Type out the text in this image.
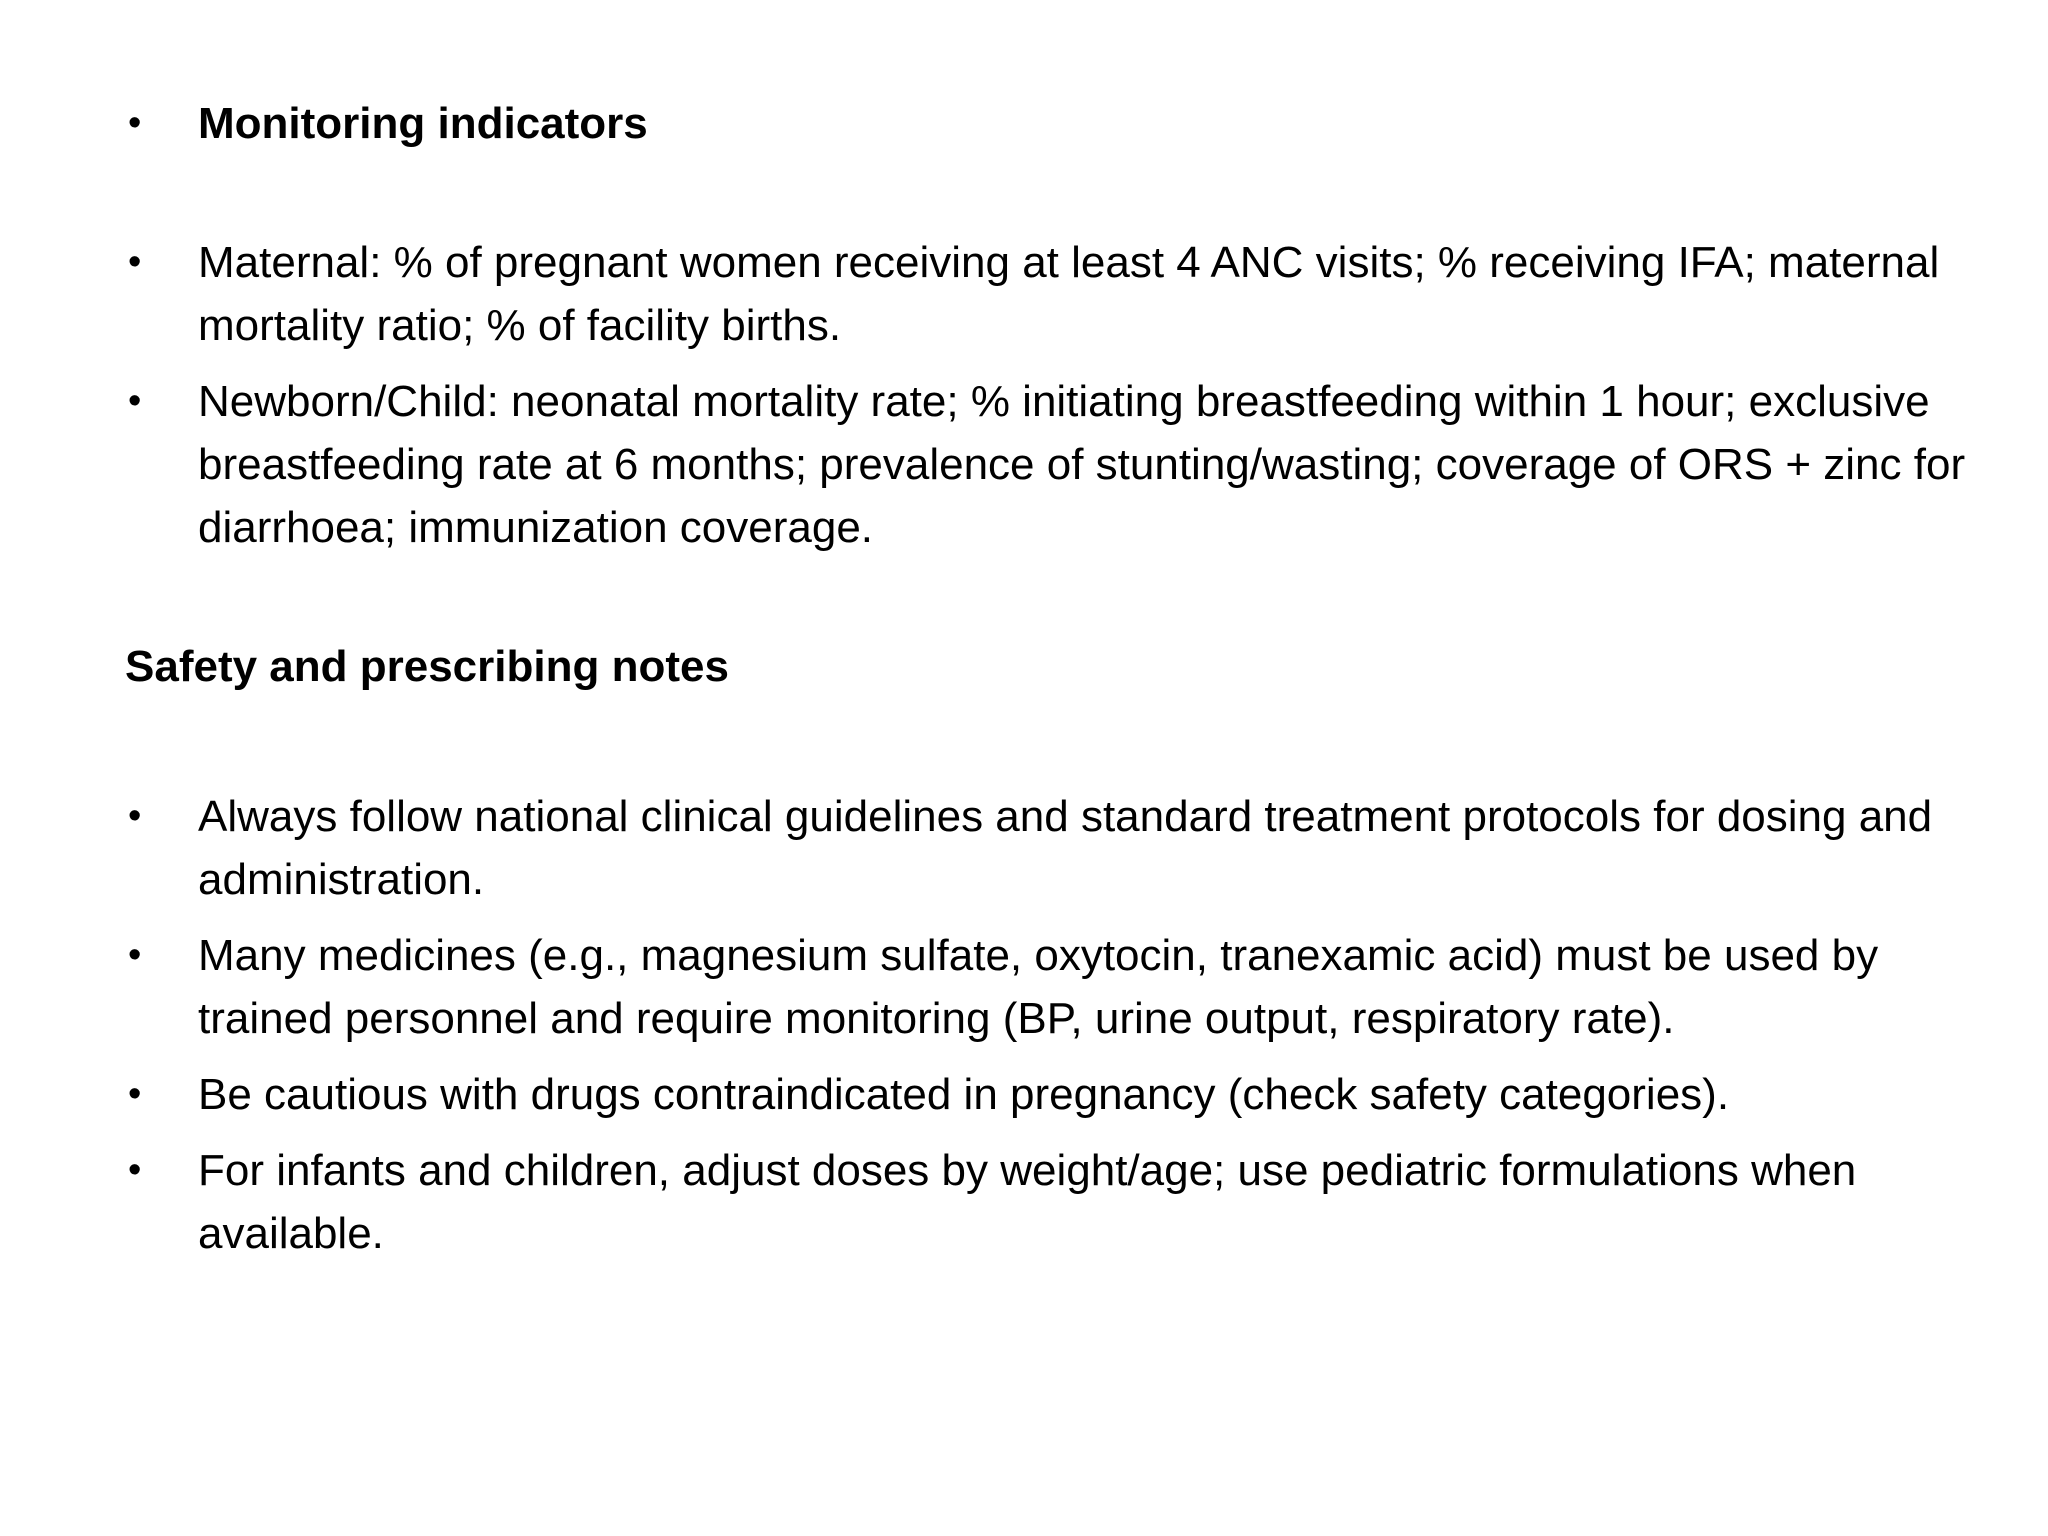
• Monitoring indicators
• Maternal: % of pregnant women receiving at least 4 ANC visits; % receiving IFA; maternal mortality ratio; % of facility births.
• Newborn/Child: neonatal mortality rate; % initiating breastfeeding within 1 hour; exclusive breastfeeding rate at 6 months; prevalence of stunting/wasting; coverage of ORS + zinc for diarrhoea; immunization coverage.
Safety and prescribing notes
• Always follow national clinical guidelines and standard treatment protocols for dosing and administration.
• Many medicines (e.g., magnesium sulfate, oxytocin, tranexamic acid) must be used by trained personnel and require monitoring (BP, urine output, respiratory rate).
• Be cautious with drugs contraindicated in pregnancy (check safety categories).
• For infants and children, adjust doses by weight/age; use pediatric formulations when available.
